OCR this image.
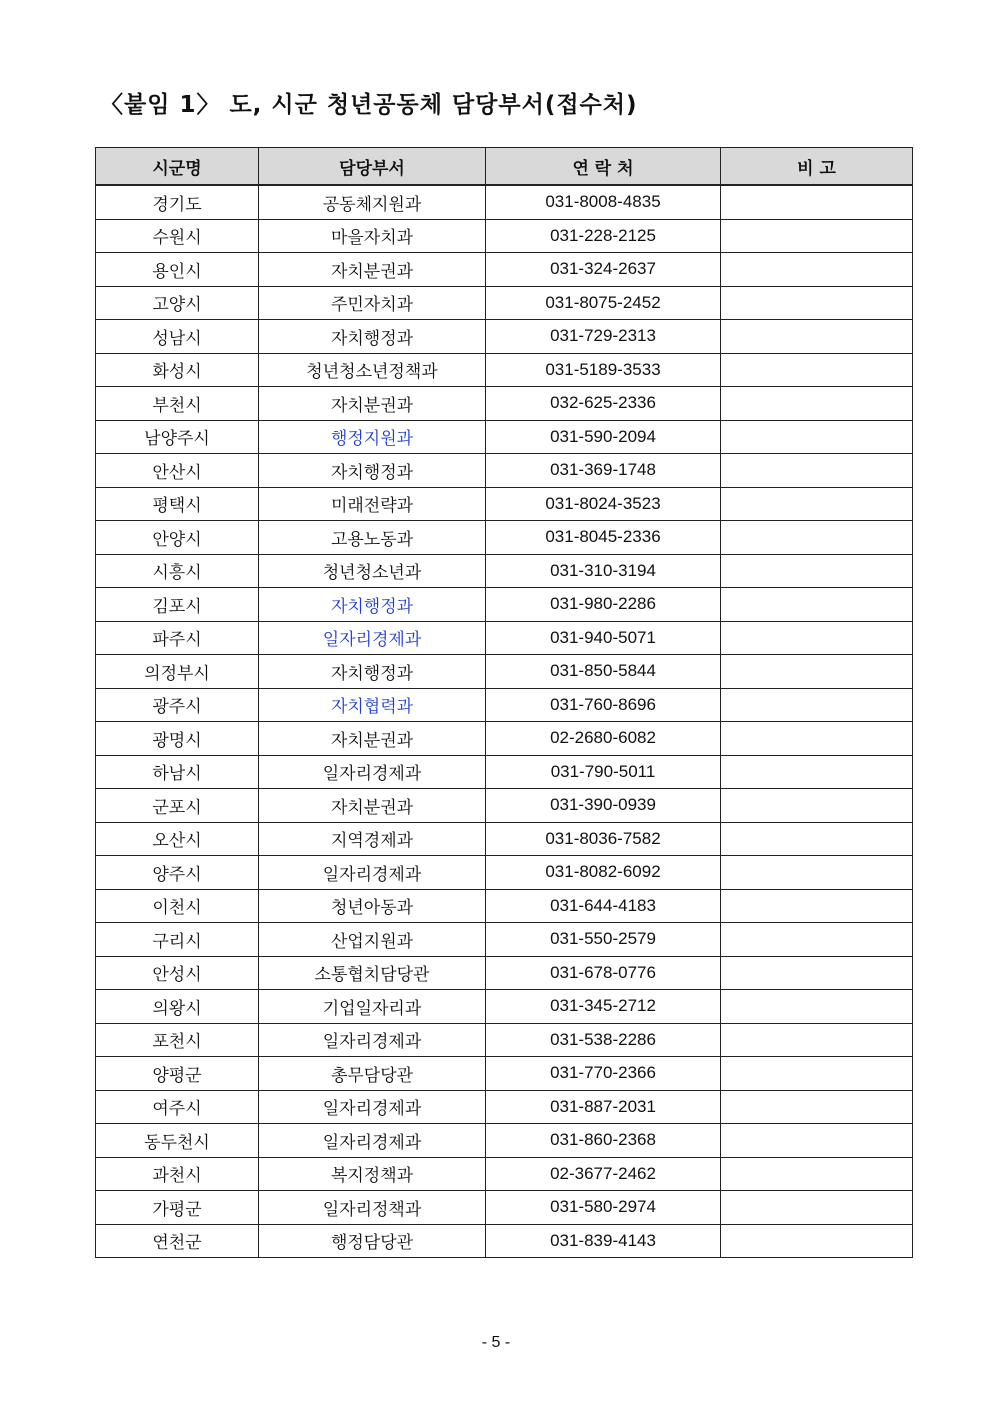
〈붙임 1〉 도, 시군 청년공동체 담당부서(접수처)
시군명	담당부서	연 락 처	비 고
경기도	공동체지원과	031-8008-4835	
수원시	마을자치과	031-228-2125	
용인시	자치분권과	031-324-2637	
고양시	주민자치과	031-8075-2452	
성남시	자치행정과	031-729-2313	
화성시	청년청소년정책과	031-5189-3533	
부천시	자치분권과	032-625-2336	
남양주시	행정지원과	031-590-2094	
안산시	자치행정과	031-369-1748	
평택시	미래전략과	031-8024-3523	
안양시	고용노동과	031-8045-2336	
시흥시	청년청소년과	031-310-3194	
김포시	자치행정과	031-980-2286	
파주시	일자리경제과	031-940-5071	
의정부시	자치행정과	031-850-5844	
광주시	자치협력과	031-760-8696	
광명시	자치분권과	02-2680-6082	
하남시	일자리경제과	031-790-5011	
군포시	자치분권과	031-390-0939	
오산시	지역경제과	031-8036-7582	
양주시	일자리경제과	031-8082-6092	
이천시	청년아동과	031-644-4183	
구리시	산업지원과	031-550-2579	
안성시	소통협치담당관	031-678-0776	
의왕시	기업일자리과	031-345-2712	
포천시	일자리경제과	031-538-2286	
양평군	총무담당관	031-770-2366	
여주시	일자리경제과	031-887-2031	
동두천시	일자리경제과	031-860-2368	
과천시	복지정책과	02-3677-2462	
가평군	일자리정책과	031-580-2974	
연천군	행정담당관	031-839-4143	
- 5 -
